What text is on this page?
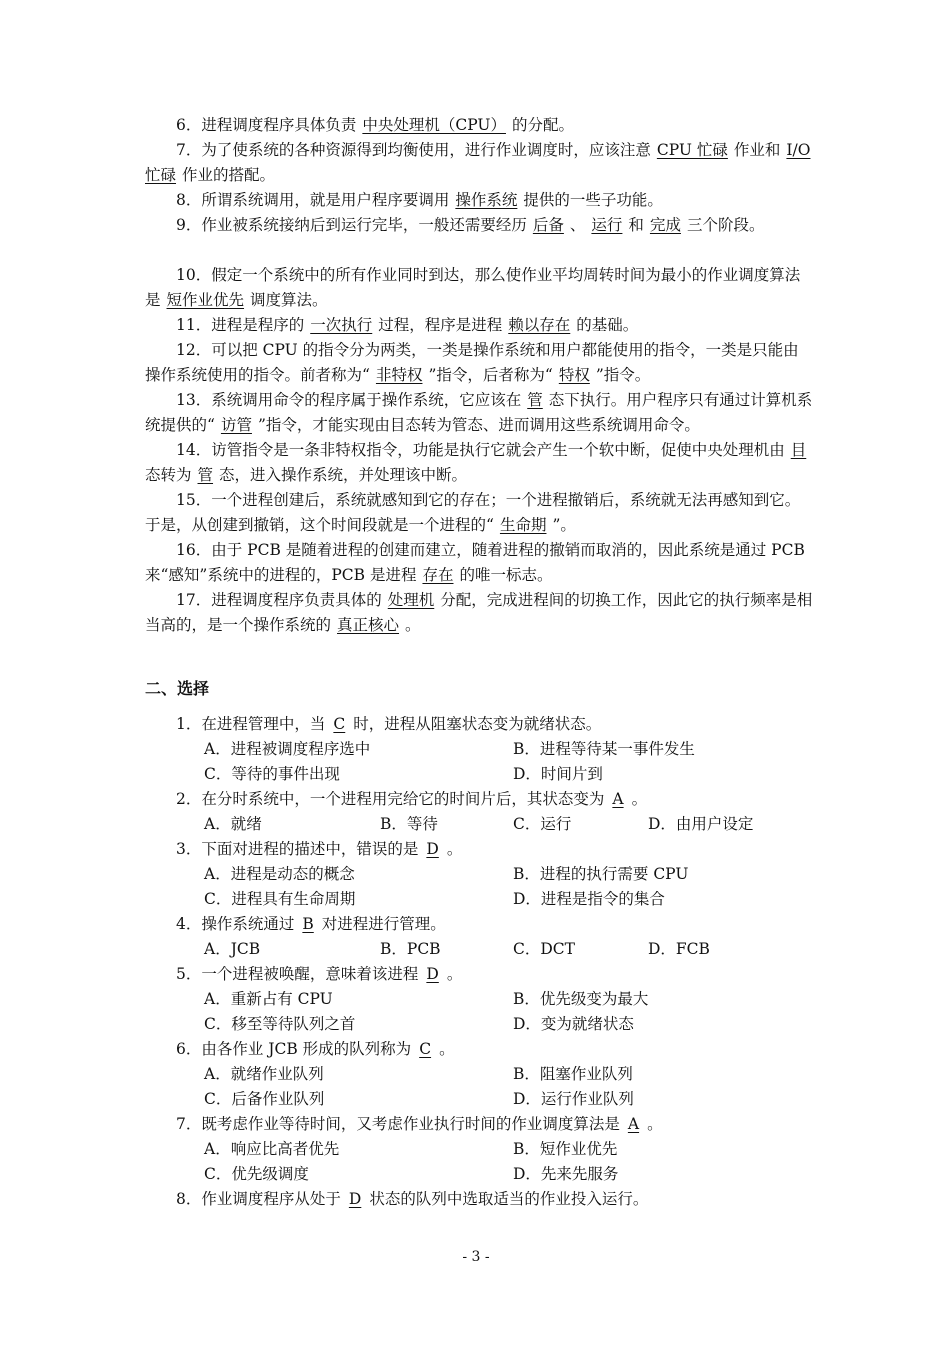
6．进程调度程序具体负责 中央处理机（CPU） 的分配。
7．为了使系统的各种资源得到均衡使用，进行作业调度时，应该注意 CPU 忙碌 作业和 I/O 忙碌 作业的搭配。
8．所谓系统调用，就是用户程序要调用 操作系统 提供的一些子功能。
9．作业被系统接纳后到运行完毕，一般还需要经历 后备 、 运行 和 完成 三个阶段。
10．假定一个系统中的所有作业同时到达，那么使作业平均周转时间为最小的作业调度算法是 短作业优先 调度算法。
11．进程是程序的 一次执行 过程，程序是进程 赖以存在 的基础。
12．可以把 CPU 的指令分为两类，一类是操作系统和用户都能使用的指令，一类是只能由操作系统使用的指令。前者称为“ 非特权 ”指令，后者称为“ 特权 ”指令。
13．系统调用命令的程序属于操作系统，它应该在 管 态下执行。用户程序只有通过计算机系统提供的“ 访管 ”指令，才能实现由目态转为管态、进而调用这些系统调用命令。
14．访管指令是一条非特权指令，功能是执行它就会产生一个软中断，促使中央处理机由 目态转为 管 态，进入操作系统，并处理该中断。
15．一个进程创建后，系统就感知到它的存在；一个进程撤销后，系统就无法再感知到它。于是，从创建到撤销，这个时间段就是一个进程的“ 生命期 ”。
16．由于 PCB 是随着进程的创建而建立，随着进程的撤销而取消的，因此系统是通过 PCB 来“感知”系统中的进程的，PCB 是进程 存在 的唯一标志。
17．进程调度程序负责具体的 处理机 分配，完成进程间的切换工作，因此它的执行频率是相当高的，是一个操作系统的 真正核心 。
二、选择
1．在进程管理中，当 C 时，进程从阻塞状态变为就绪状态。
A．进程被调度程序选中	B．进程等待某一事件发生
C．等待的事件出现	D．时间片到
2．在分时系统中，一个进程用完给它的时间片后，其状态变为 A 。
A．就绪	B．等待	C．运行	D．由用户设定
3．下面对进程的描述中，错误的是 D 。
A．进程是动态的概念	B．进程的执行需要 CPU
C．进程具有生命周期	D．进程是指令的集合
4．操作系统通过 B 对进程进行管理。
A．JCB	B．PCB	C．DCT	D．FCB
5．一个进程被唤醒，意味着该进程 D 。
A．重新占有 CPU	B．优先级变为最大
C．移至等待队列之首	D．变为就绪状态
6．由各作业 JCB 形成的队列称为 C 。
A．就绪作业队列	B．阻塞作业队列
C．后备作业队列	D．运行作业队列
7．既考虑作业等待时间，又考虑作业执行时间的作业调度算法是 A 。
A．响应比高者优先	B．短作业优先
C．优先级调度	D．先来先服务
8．作业调度程序从处于 D 状态的队列中选取适当的作业投入运行。
- 3 -
